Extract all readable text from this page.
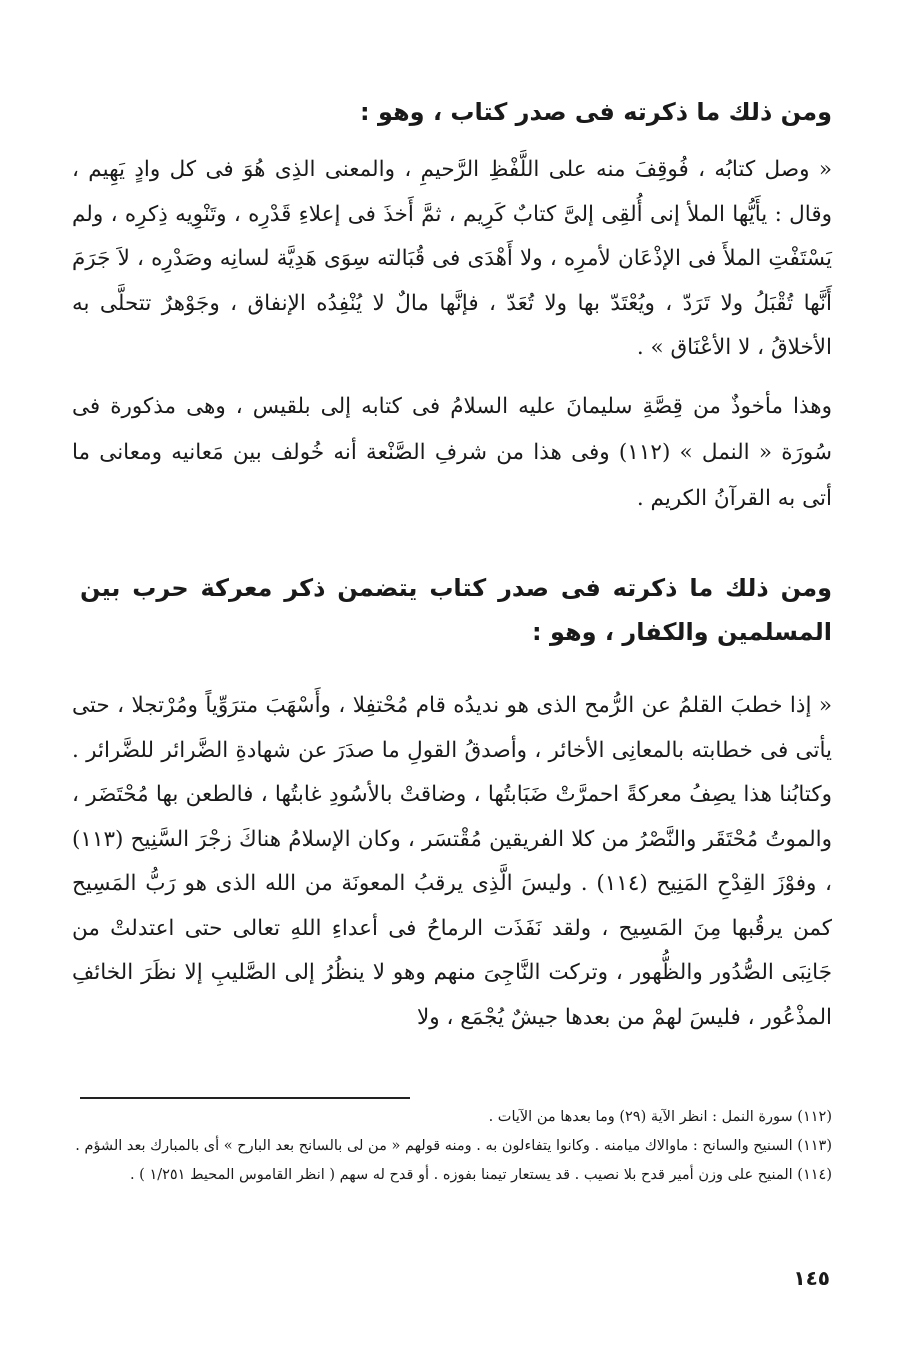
ومن ذلك ما ذكرته فى صدر كتاب ، وهو :

« وصل كتابُه ، فُوقِفَ منه على اللَّفْظِ الرَّحيمِ ، والمعنى الذِى هُوَ فى كل وادٍ يَهِيم ، وقال : يأَيُّها الملأ إنى أُلقِى إلىَّ كتابٌ كَرِيم ، ثمَّ أَخذَ فى إعلاءِ قَدْرِه ، وتَنْوِيه ذِكرِه ، ولم يَسْتَفْتِ الملأَ فى الإذْعَان لأمرِه ، ولا أَهْدَى فى قُبَالته سِوَى هَدِيَّة لسانِه وصَدْرِه ، لاَ جَرَمَ أَنَّها تُقْبَلُ ولا تَرَدّ ، ويُعْتَدّ بها ولا تُعَدّ ، فإنَّها مالٌ لا يُنْفِدُه الإنفاق ، وجَوْهرٌ تتحلَّى به الأخلاقُ ، لا الأعْنَاق » .

وهذا مأخوذٌ من قِصَّةِ سليمانَ عليه السلامُ فى كتابه إلى بلقيس ، وهى مذكورة فى سُورَة « النمل » (١١٢) وفى هذا من شرفِ الصَّنْعة أنه خُولف بين مَعانيه ومعانى ما أتى به القرآنُ الكريم .

ومن ذلك ما ذكرته فى صدر كتاب يتضمن ذكر معركة حرب بين المسلمين والكفار ، وهو :

« إذا خطبَ القلمُ عن الرُّمح الذى هو نديدُه قام مُحْتفِلا ، وأَسْهَبَ مترَوِّياً ومُرْتجلا ، حتى يأتى فى خطابته بالمعانِى الأخائر ، وأصدقُ القولِ ما صدَرَ عن شهادةِ الضَّرائر للضَّرائر . وكتابُنا هذا يصِفُ معركةً احمرَّتْ ضَبَابتُها ، وضاقتْ بالأسُودِ غابتُها ، فالطعن بها مُحْتَضَر ، والموتُ مُحْتَقَر والنَّصْرُ من كلا الفريقين مُقْتسَر ، وكان الإسلامُ هناكَ زجْرَ السَّنِيح (١١٣) ، وفوْزَ القِدْحِ المَنِيح (١١٤) . وليسَ الَّذِى يرقبُ المعونَة من الله الذى هو رَبُّ المَسِيح كمن يرقُبها مِنَ المَسِيح ، ولقد نَفَذَت الرماحُ فى أعداءِ اللهِ تعالى حتى اعتدلتْ من جَانِبَى الصُّدُور والظُّهور ، وتركت النَّاجِىَ منهم وهو لا ينظُرُ إلى الصَّليبِ إلا نظَرَ الخائفِ المذْعُور ، فليسَ لهمْ من بعدها جيشٌ يُجْمَع ، ولا

(١١٢) سورة النمل : انظر الآية (٢٩) وما بعدها من الآيات .

(١١٣) السنيح والسانح : ماوالاك ميامنه . وكانوا يتفاءلون به . ومنه قولهم « من لى بالسانح بعد البارح » أى بالمبارك بعد الشؤم .

(١١٤) المنيح على وزن أمير قدح بلا نصيب . قد يستعار تيمنا بفوزه . أو قدح له سهم ( انظر القاموس المحيط ١/٢٥١ ) .

١٤٥
